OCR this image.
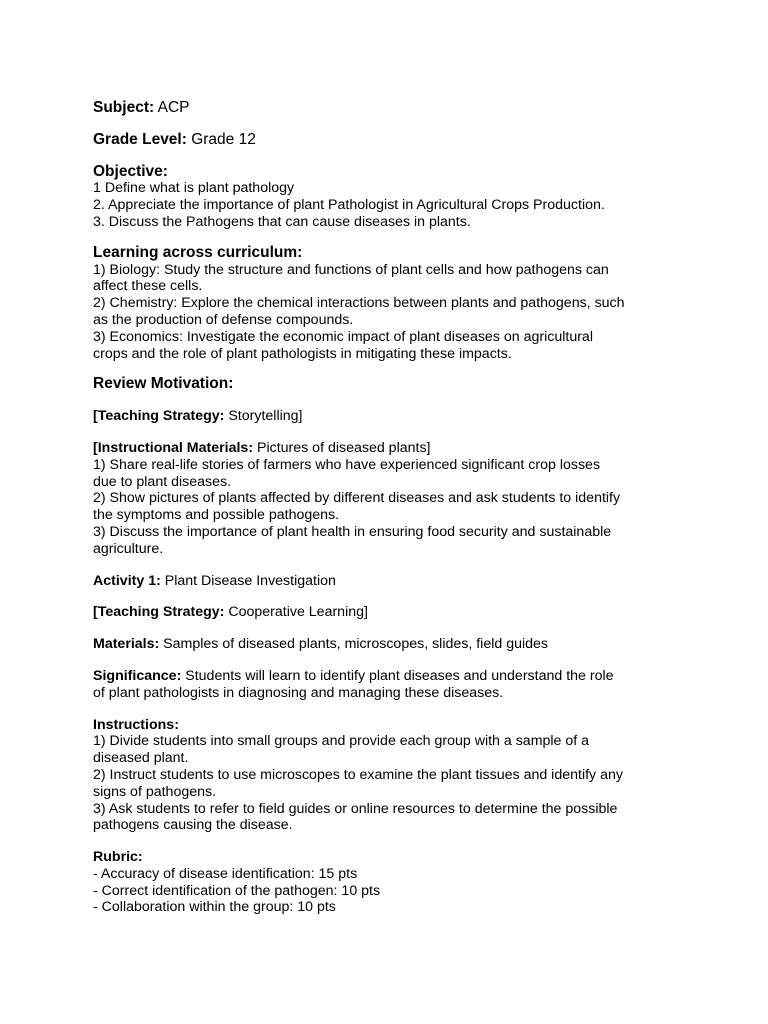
Subject: ACP
Grade Level: Grade 12
Objective:
1 Define what is plant pathology
2. Appreciate the importance of plant Pathologist in Agricultural Crops Production.
3. Discuss the Pathogens that can cause diseases in plants.
Learning across curriculum:
1) Biology: Study the structure and functions of plant cells and how pathogens can
affect these cells.
2) Chemistry: Explore the chemical interactions between plants and pathogens, such
as the production of defense compounds.
3) Economics: Investigate the economic impact of plant diseases on agricultural
crops and the role of plant pathologists in mitigating these impacts.
Review Motivation:
[Teaching Strategy: Storytelling]
[Instructional Materials: Pictures of diseased plants]
1) Share real-life stories of farmers who have experienced significant crop losses
due to plant diseases.
2) Show pictures of plants affected by different diseases and ask students to identify
the symptoms and possible pathogens.
3) Discuss the importance of plant health in ensuring food security and sustainable
agriculture.
Activity 1: Plant Disease Investigation
[Teaching Strategy: Cooperative Learning]
Materials: Samples of diseased plants, microscopes, slides, field guides
Significance: Students will learn to identify plant diseases and understand the role
of plant pathologists in diagnosing and managing these diseases.
Instructions:
1) Divide students into small groups and provide each group with a sample of a
diseased plant.
2) Instruct students to use microscopes to examine the plant tissues and identify any
signs of pathogens.
3) Ask students to refer to field guides or online resources to determine the possible
pathogens causing the disease.
Rubric:
- Accuracy of disease identification: 15 pts
- Correct identification of the pathogen: 10 pts
- Collaboration within the group: 10 pts
